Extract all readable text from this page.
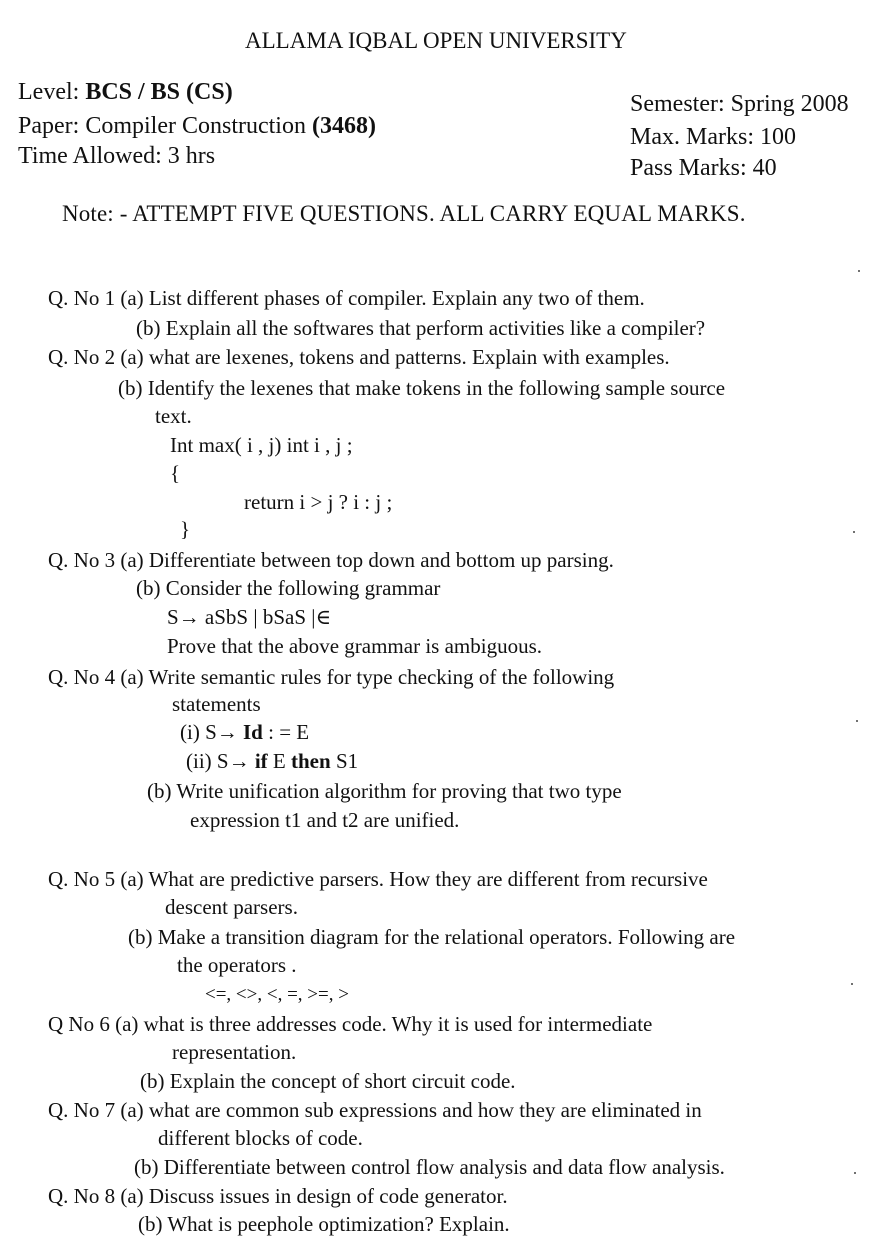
ALLAMA IQBAL OPEN UNIVERSITY
Level: BCS / BS (CS)
Paper: Compiler Construction (3468)
Time Allowed: 3 hrs
Semester: Spring 2008
Max. Marks: 100
Pass Marks: 40
Note: - ATTEMPT FIVE QUESTIONS. ALL CARRY EQUAL MARKS.
Q. No 1 (a) List different phases of compiler. Explain any two of them.
(b) Explain all the softwares that perform activities like a compiler?
Q. No 2 (a) what are lexenes, tokens and patterns. Explain with examples.
(b) Identify the lexenes that make tokens in the following sample source
text.
Int max( i , j) int i , j ;
{
return i > j ? i : j ;
}
Q. No 3 (a) Differentiate between top down and bottom up parsing.
(b) Consider the following grammar
S→ aSbS | bSaS |∈
Prove that the above grammar is ambiguous.
Q. No 4 (a) Write semantic rules for type checking of the following
statements
(i) S→ Id : = E
(ii) S→ if E then S1
(b) Write unification algorithm for proving that two type
expression t1 and t2 are unified.
Q. No 5 (a) What are predictive parsers. How they are different from recursive
descent parsers.
(b) Make a transition diagram for the relational operators. Following are
the operators .
<=, <>, <, =, >=, >
Q No 6 (a) what is three addresses code. Why it is used for intermediate
representation.
(b) Explain the concept of short circuit code.
Q. No 7 (a) what are common sub expressions and how they are eliminated in
different blocks of code.
(b) Differentiate between control flow analysis and data flow analysis.
Q. No 8 (a) Discuss issues in design of code generator.
(b) What is peephole optimization? Explain.
